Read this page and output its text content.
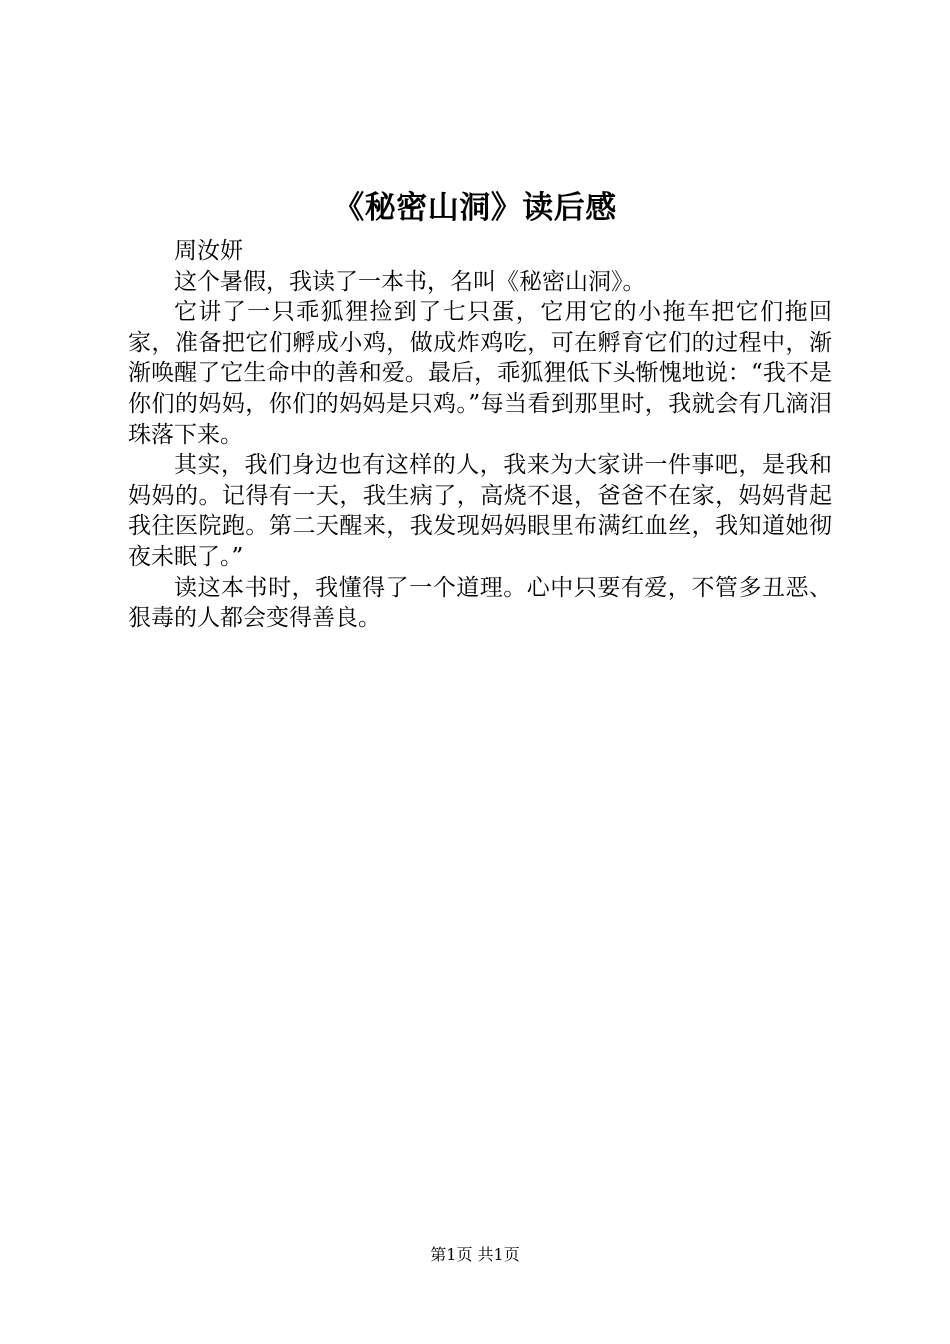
《秘密山洞》读后感

周汝妍

这个暑假，我读了一本书，名叫《秘密山洞》。

它讲了一只乖狐狸捡到了七只蛋，它用它的小拖车把它们拖回家，准备把它们孵成小鸡，做成炸鸡吃，可在孵育它们的过程中，渐渐唤醒了它生命中的善和爱。最后，乖狐狸低下头惭愧地说：“我不是你们的妈妈，你们的妈妈是只鸡。”每当看到那里时，我就会有几滴泪珠落下来。

其实，我们身边也有这样的人，我来为大家讲一件事吧，是我和妈妈的。记得有一天，我生病了，高烧不退，爸爸不在家，妈妈背起我往医院跑。第二天醒来，我发现妈妈眼里布满红血丝，我知道她彻夜未眠了。”

读这本书时，我懂得了一个道理。心中只要有爱，不管多丑恶、狠毒的人都会变得善良。

第1页 共1页
